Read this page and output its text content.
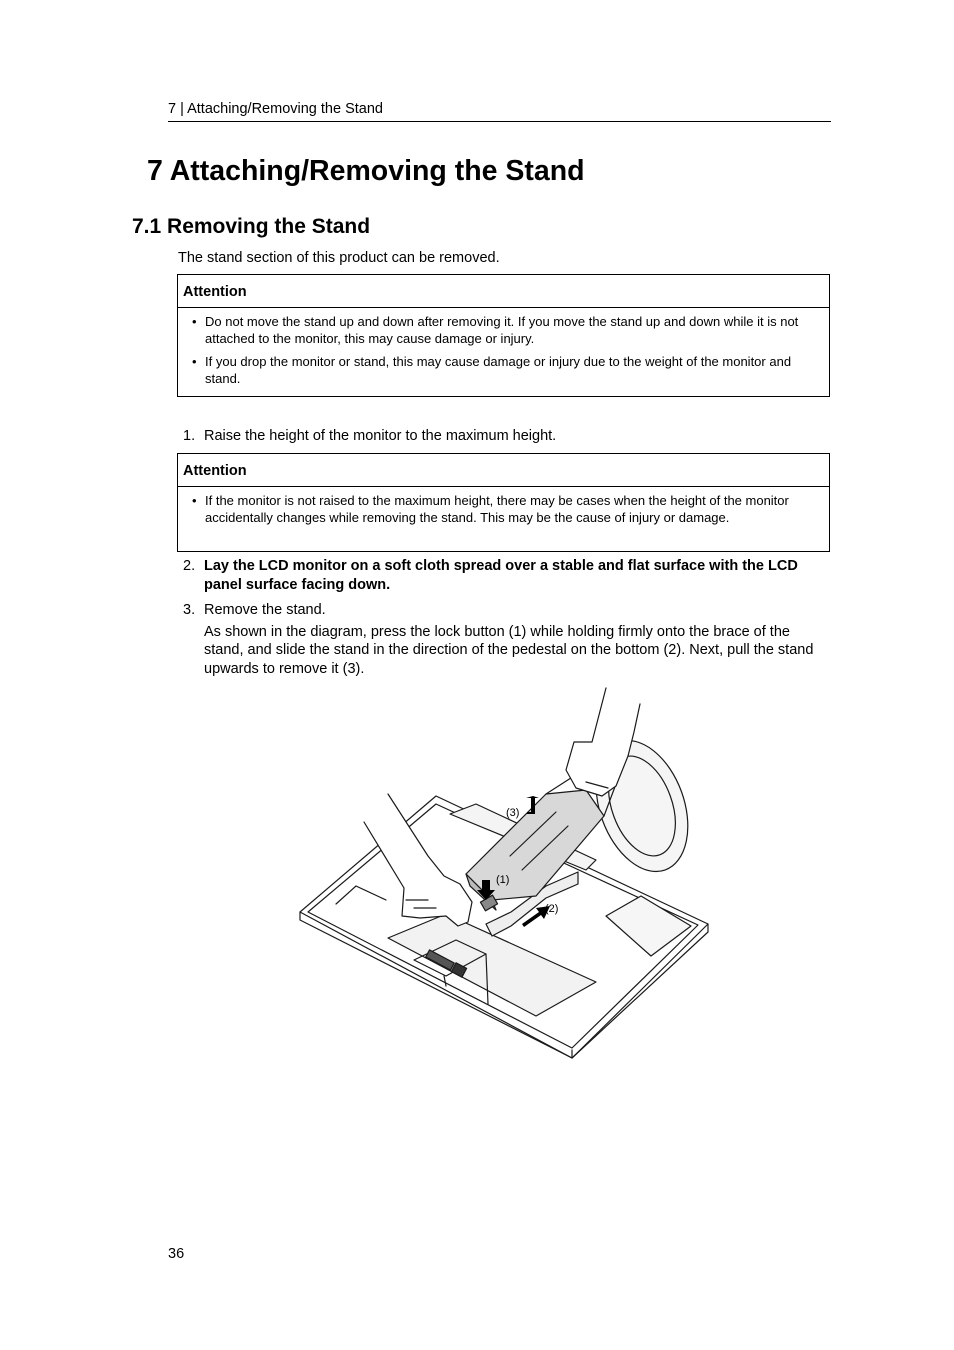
7 | Attaching/Removing the Stand
7 Attaching/Removing the Stand
7.1 Removing the Stand
The stand section of this product can be removed.
Attention
• Do not move the stand up and down after removing it. If you move the stand up and down while it is not attached to the monitor, this may cause damage or injury.
• If you drop the monitor or stand, this may cause damage or injury due to the weight of the monitor and stand.
1. Raise the height of the monitor to the maximum height.
Attention
• If the monitor is not raised to the maximum height, there may be cases when the height of the monitor accidentally changes while removing the stand. This may be the cause of injury or damage.
2. Lay the LCD monitor on a soft cloth spread over a stable and flat surface with the LCD panel surface facing down.
3. Remove the stand.
As shown in the diagram, press the lock button (1) while holding firmly onto the brace of the stand, and slide the stand in the direction of the pedestal on the bottom (2). Next, pull the stand upwards to remove it (3).
(1)
(2)
(3)
36
